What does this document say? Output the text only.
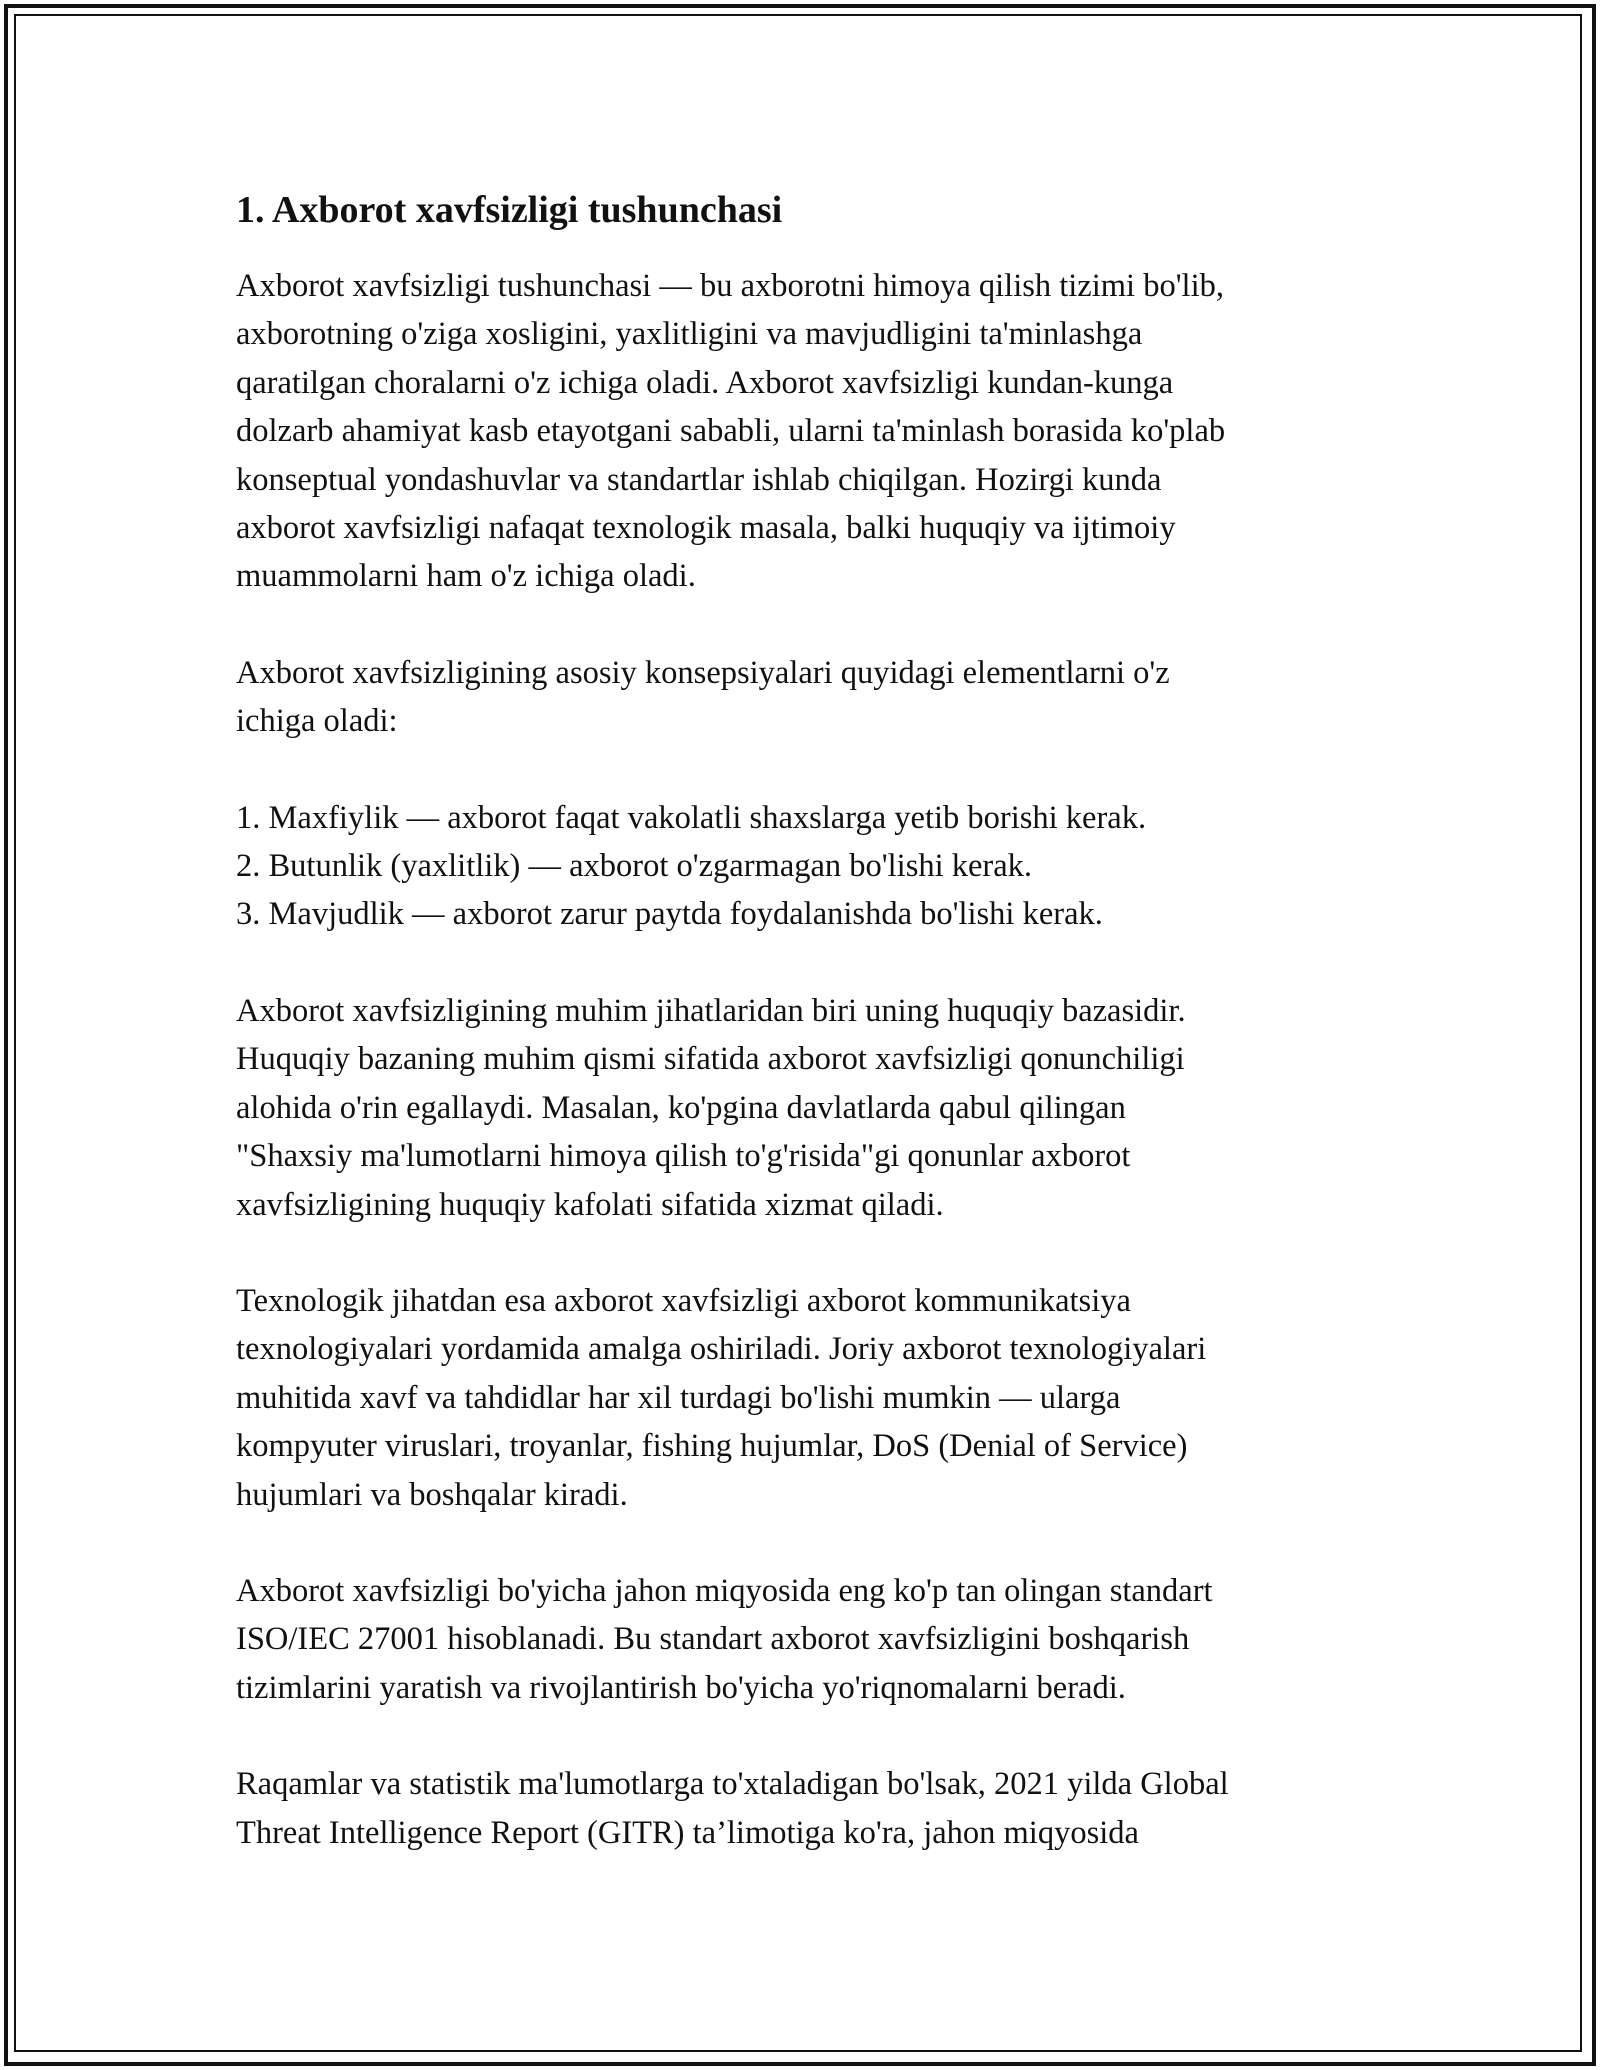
1. Axborot xavfsizligi tushunchasi

Axborot xavfsizligi tushunchasi — bu axborotni himoya qilish tizimi bo'lib,
axborotning o'ziga xosligini, yaxlitligini va mavjudligini ta'minlashga
qaratilgan choralarni o'z ichiga oladi. Axborot xavfsizligi kundan-kunga
dolzarb ahamiyat kasb etayotgani sababli, ularni ta'minlash borasida ko'plab
konseptual yondashuvlar va standartlar ishlab chiqilgan. Hozirgi kunda
axborot xavfsizligi nafaqat texnologik masala, balki huquqiy va ijtimoiy
muammolarni ham o'z ichiga oladi.

Axborot xavfsizligining asosiy konsepsiyalari quyidagi elementlarni o'z
ichiga oladi:

1. Maxfiylik — axborot faqat vakolatli shaxslarga yetib borishi kerak.
2. Butunlik (yaxlitlik) — axborot o'zgarmagan bo'lishi kerak.
3. Mavjudlik — axborot zarur paytda foydalanishda bo'lishi kerak.

Axborot xavfsizligining muhim jihatlaridan biri uning huquqiy bazasidir.
Huquqiy bazaning muhim qismi sifatida axborot xavfsizligi qonunchiligi
alohida o'rin egallaydi. Masalan, ko'pgina davlatlarda qabul qilingan
"Shaxsiy ma'lumotlarni himoya qilish to'g'risida"gi qonunlar axborot
xavfsizligining huquqiy kafolati sifatida xizmat qiladi.

Texnologik jihatdan esa axborot xavfsizligi axborot kommunikatsiya
texnologiyalari yordamida amalga oshiriladi. Joriy axborot texnologiyalari
muhitida xavf va tahdidlar har xil turdagi bo'lishi mumkin — ularga
kompyuter viruslari, troyanlar, fishing hujumlar, DoS (Denial of Service)
hujumlari va boshqalar kiradi.

Axborot xavfsizligi bo'yicha jahon miqyosida eng ko'p tan olingan standart
ISO/IEC 27001 hisoblanadi. Bu standart axborot xavfsizligini boshqarish
tizimlarini yaratish va rivojlantirish bo'yicha yo'riqnomalarni beradi.

Raqamlar va statistik ma'lumotlarga to'xtaladigan bo'lsak, 2021 yilda Global
Threat Intelligence Report (GITR) ta’limotiga ko'ra, jahon miqyosida
